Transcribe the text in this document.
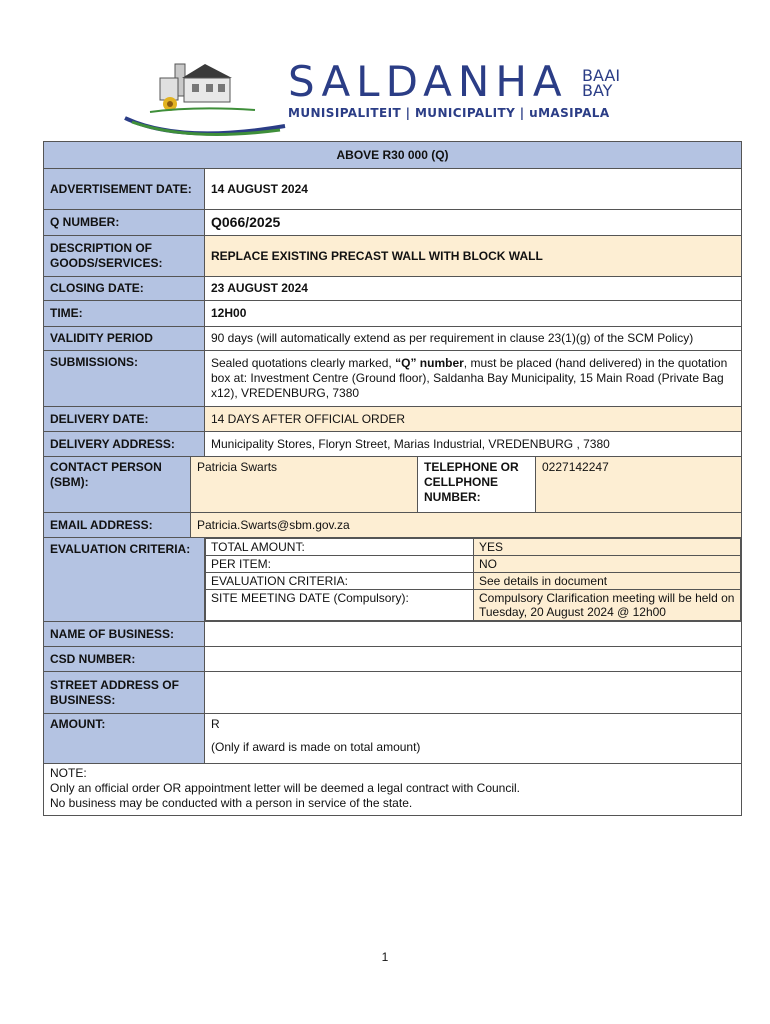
SALDANHA
MUNISIPALITEIT | MUNICIPALITY | uMASIPALA
BAAI
BAY
ABOVE R30 000 (Q)
ADVERTISEMENT DATE:	14 AUGUST 2024
Q NUMBER:	Q066/2025
DESCRIPTION OF GOODS/SERVICES:	REPLACE EXISTING PRECAST WALL WITH BLOCK WALL
CLOSING DATE:	23 AUGUST 2024
TIME:	12H00
VALIDITY PERIOD	90 days (will automatically extend as per requirement in clause 23(1)(g) of the SCM Policy)
SUBMISSIONS:	Sealed quotations clearly marked, “Q” number, must be placed (hand delivered) in the quotation box at: Investment Centre (Ground floor), Saldanha Bay Municipality, 15 Main Road (Private Bag x12), VREDENBURG, 7380
DELIVERY DATE:	14 DAYS AFTER OFFICIAL ORDER
DELIVERY ADDRESS:	Municipality Stores, Floryn Street, Marias Industrial, VREDENBURG , 7380
CONTACT PERSON (SBM):	Patricia Swarts	TELEPHONE OR CELLPHONE NUMBER:	0227142247
EMAIL ADDRESS:	Patricia.Swarts@sbm.gov.za
EVALUATION CRITERIA:	TOTAL AMOUNT:	YES
PER ITEM:	NO
EVALUATION CRITERIA:	See details in document
SITE MEETING DATE (Compulsory):	Compulsory Clarification meeting will be held on Tuesday, 20 August 2024 @ 12h00

NAME OF BUSINESS:	
CSD NUMBER:	
STREET ADDRESS OF BUSINESS:	
AMOUNT:	R
(Only if award is made on total amount)

NOTE:
Only an official order OR appointment letter will be deemed a legal contract with Council.
No business may be conducted with a person in service of the state.
1
